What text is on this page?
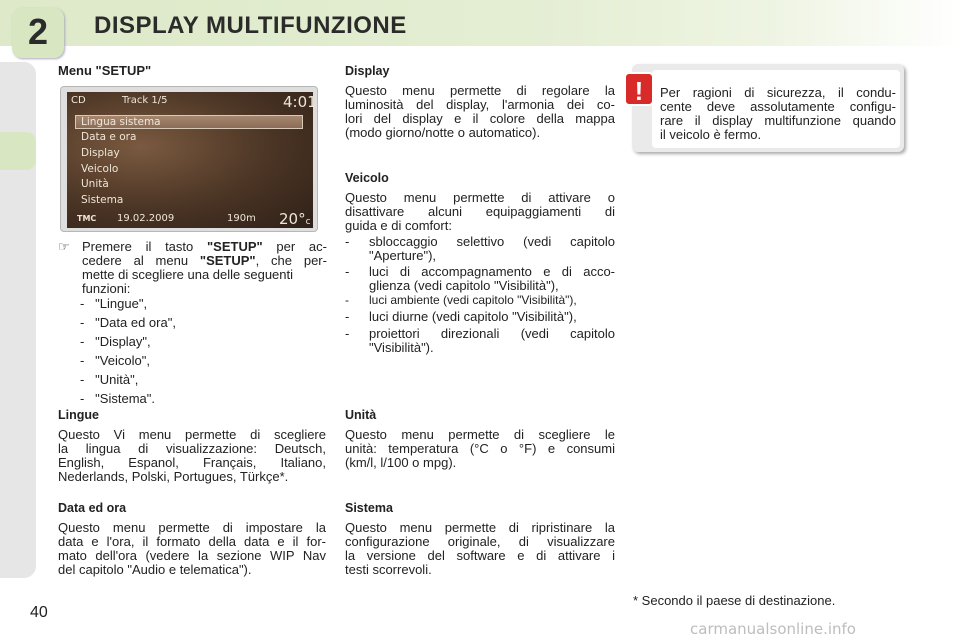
2	DISPLAY MULTIFUNZIONE
Menu "SETUP"
CD	Track 1/5	4:01
Lingua sistema
Data e ora
Display
Veicolo
Unità
Sistema
TMC 19.02.2009	190m 20°c
☞ Premere il tasto "SETUP" per ac-
cedere al menu "SETUP", che per-
mette di scegliere una delle seguenti
funzioni:
-   "Lingue",
-   "Data ed ora",
-   "Display",
-   "Veicolo",
-   "Unità",
-   "Sistema".
Lingue
Questo Vi menu permette di scegliere
la lingua di visualizzazione: Deutsch,
English, Espanol, Français, Italiano,
Nederlands, Polski, Portugues, Türkçe*.
Data ed ora
Questo menu permette di impostare la
data e l'ora, il formato della data e il for-
mato dell'ora (vedere la sezione WIP Nav
del capitolo "Audio e telematica").
Display
Questo menu permette di regolare la
luminosità del display, l'armonia dei co-
lori del display e il colore della mappa
(modo giorno/notte o automatico).
Veicolo
Questo menu permette di attivare o
disattivare alcuni equipaggiamenti di
guida e di comfort:
- sbloccaggio selettivo (vedi capitolo
"Aperture"),
- luci di accompagnamento e di acco-
glienza (vedi capitolo "Visibilità"),
- luci ambiente (vedi capitolo "Visibilità"),
- luci diurne (vedi capitolo "Visibilità"),
- proiettori direzionali (vedi capitolo
"Visibilità").
Unità
Questo menu permette di scegliere le
unità: temperatura (°C o °F) e consumi
(km/l, l/100 o mpg).
Sistema
Questo menu permette di ripristinare la
configurazione originale, di visualizzare
la versione del software e di attivare i
testi scorrevoli.
!	Per ragioni di sicurezza, il condu-
cente deve assolutamente configu-
rare il display multifunzione quando
il veicolo è fermo.
* Secondo il paese di destinazione.
40
carmanualsonline.info
